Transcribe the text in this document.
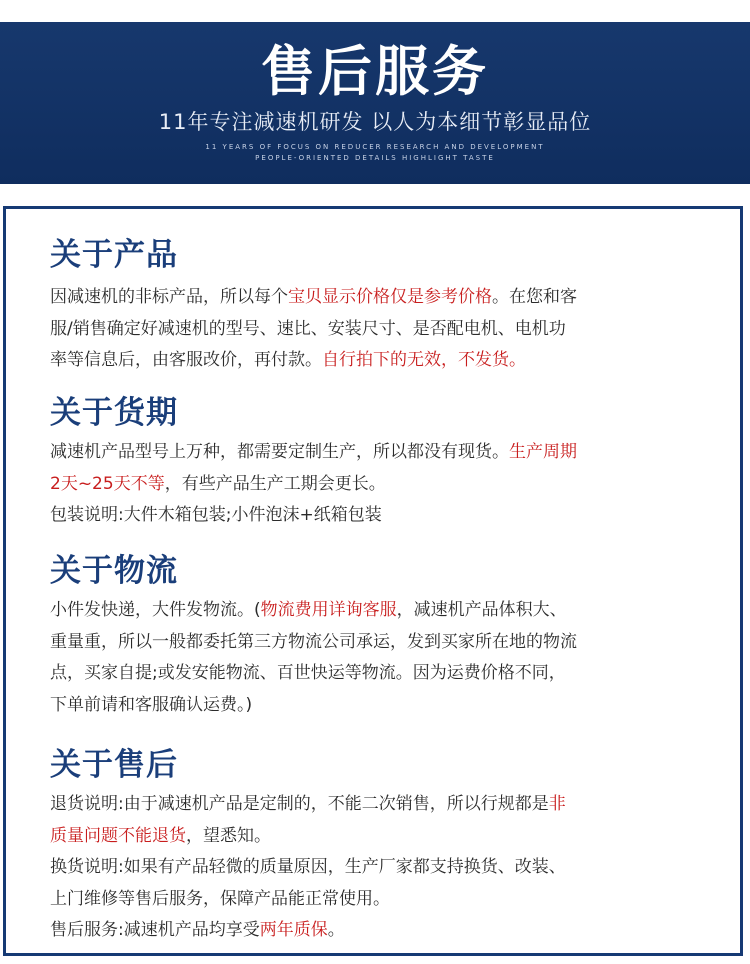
售后服务
11年专注减速机研发 以人为本细节彰显品位
11 YEARS OF FOCUS ON REDUCER RESEARCH AND DEVELOPMENT
PEOPLE-ORIENTED DETAILS HIGHLIGHT TASTE
关于产品

因减速机的非标产品，所以每个宝贝显示价格仅是参考价格。在您和客

服/销售确定好减速机的型号、速比、安装尺寸、是否配电机、电机功

率等信息后，由客服改价，再付款。自行拍下的无效，不发货。

关于货期

减速机产品型号上万种，都需要定制生产，所以都没有现货。生产周期

2天~25天不等，有些产品生产工期会更长。

包装说明:大件木箱包装;小件泡沫+纸箱包装

关于物流

小件发快递，大件发物流。(物流费用详询客服，减速机产品体积大、

重量重，所以一般都委托第三方物流公司承运，发到买家所在地的物流

点，买家自提;或发安能物流、百世快运等物流。因为运费价格不同，

下单前请和客服确认运费。)

关于售后

退货说明:由于减速机产品是定制的，不能二次销售，所以行规都是非

质量问题不能退货，望悉知。

换货说明:如果有产品轻微的质量原因，生产厂家都支持换货、改装、

上门维修等售后服务，保障产品能正常使用。

售后服务:减速机产品均享受两年质保。
